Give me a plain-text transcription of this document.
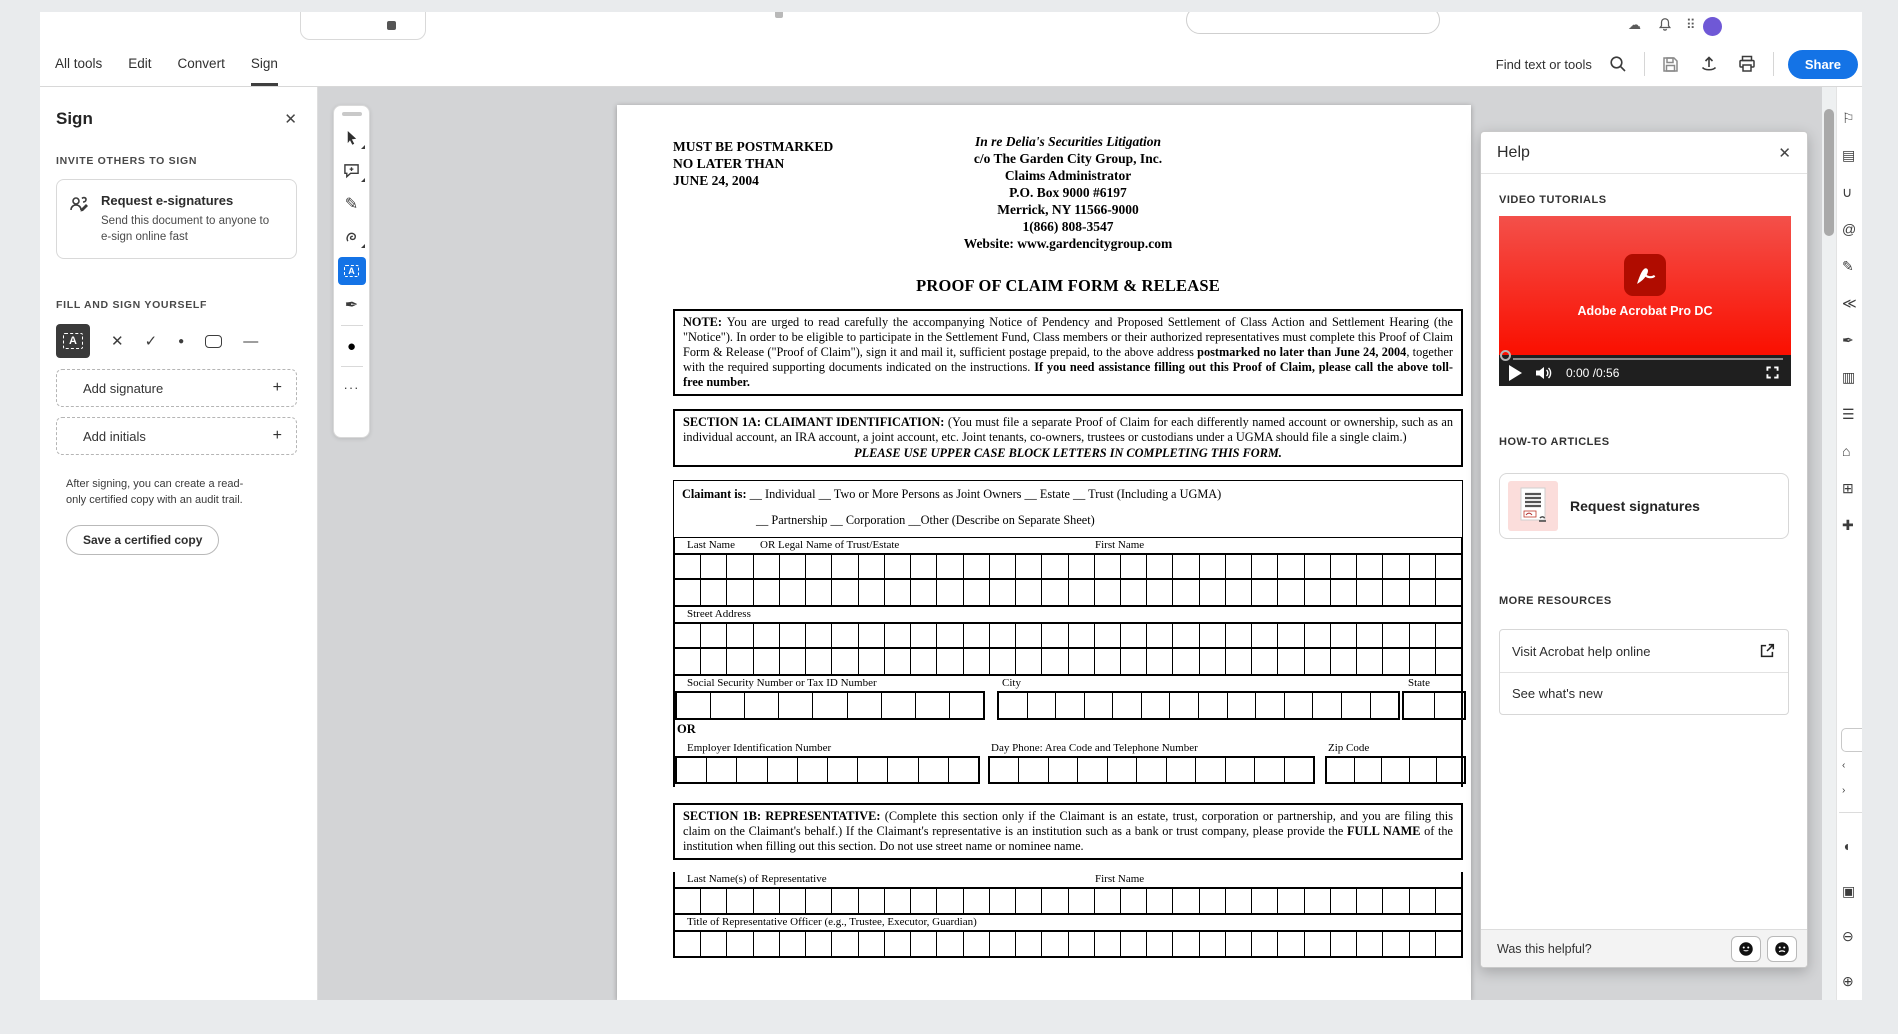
☁	⠿
All tools Edit Convert Sign	Find text or tools	Share
Sign	✕
INVITE OTHERS TO SIGN
Request e-signatures
Send this document to anyone to e-sign online fast
FILL AND SIGN YOURSELF
A	✕ ✓ ●	—
Add signature	+
Add initials	+
After signing, you can create a read-only certified copy with an audit trail.
Save a certified copy
✎
A
✒
●
···
MUST BE POSTMARKED
NO LATER THAN
JUNE 24, 2004
In re Delia's Securities Litigation
c/o The Garden City Group, Inc.
Claims Administrator
P.O. Box 9000 #6197
Merrick, NY 11566-9000
1(866) 808-3547
Website: www.gardencitygroup.com
PROOF OF CLAIM FORM & RELEASE
NOTE: You are urged to read carefully the accompanying Notice of Pendency and Proposed Settlement of Class Action and Settlement Hearing (the "Notice"). In order to be eligible to participate in the Settlement Fund, Class members or their authorized representatives must complete this Proof of Claim Form & Release ("Proof of Claim"), sign it and mail it, sufficient postage prepaid, to the above address postmarked no later than June 24, 2004, together with the required supporting documents indicated on the instructions. If you need assistance filling out this Proof of Claim, please call the above toll-free number.
SECTION 1A: CLAIMANT IDENTIFICATION: (You must file a separate Proof of Claim for each differently named account or ownership, such as an individual account, an IRA account, a joint account, etc. Joint tenants, co-owners, trustees or custodians under a UGMA should file a single claim.)
PLEASE USE UPPER CASE BLOCK LETTERS IN COMPLETING THIS FORM.
Claimant is: __ Individual __ Two or More Persons as Joint Owners __ Estate __ Trust (Including a UGMA)
__ Partnership __ Corporation __Other (Describe on Separate Sheet)
Last Name OR Legal Name of Trust/Estate	First Name
Street Address
Social Security Number or Tax ID Number	City	State
OR
Employer Identification Number	Day Phone: Area Code and Telephone Number	Zip Code
SECTION 1B: REPRESENTATIVE: (Complete this section only if the Claimant is an estate, trust, corporation or partnership, and you are filing this claim on the Claimant's behalf.) If the Claimant's representative is an institution such as a bank or trust company, please provide the FULL NAME of the institution when filling out this section. Do not use street name or nominee name.
Last Name(s) of Representative	First Name
Title of Representative Officer (e.g., Trustee, Executor, Guardian)
⚐
▤
∪
@
✎
≪
✒
▥
☰
⌂
⊞
✚
‹
›
◖
▣
⊖
⊕
Help	✕
VIDEO TUTORIALS
Adobe Acrobat Pro DC
0:00 /0:56
HOW-TO ARTICLES
Request signatures
MORE RESOURCES
Visit Acrobat help online
See what's new
Was this helpful?
